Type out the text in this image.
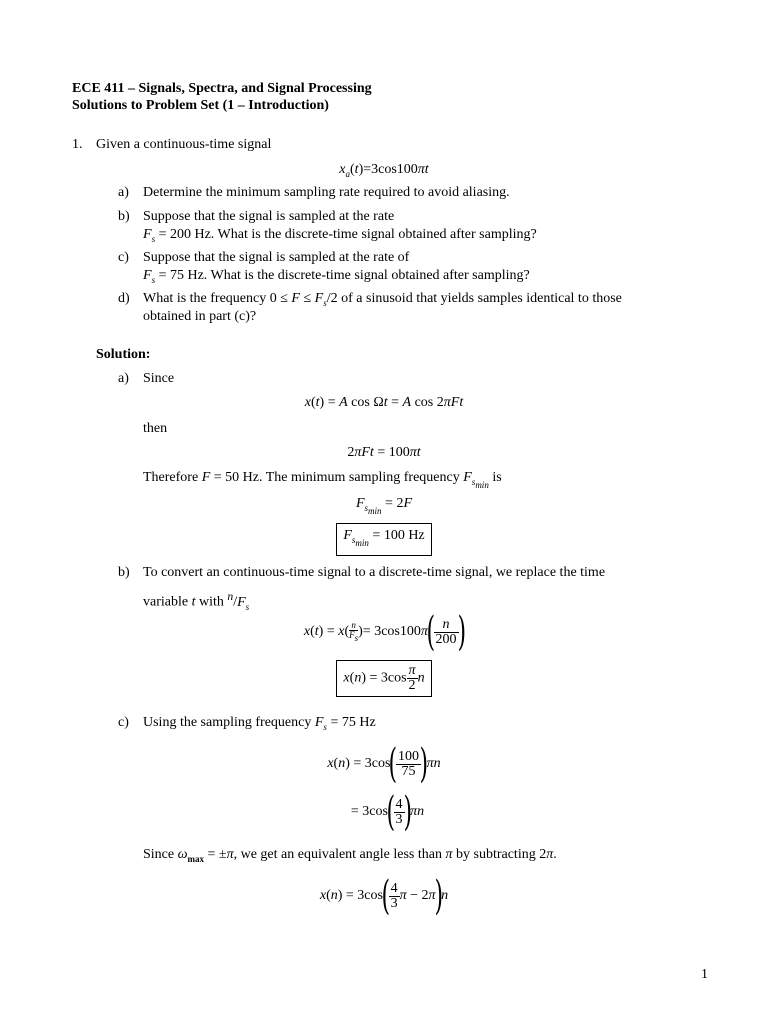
ECE 411 – Signals, Spectra, and Signal Processing
Solutions to Problem Set (1 – Introduction)
1. Given a continuous-time signal
$x_a(t)=3\cos 100\pi t$
a) Determine the minimum sampling rate required to avoid aliasing.
b) Suppose that the signal is sampled at the rate
$F_s = 200$ Hz. What is the discrete-time signal obtained after sampling?
c) Suppose that the signal is sampled at the rate of
$F_s = 75$ Hz. What is the discrete-time signal obtained after sampling?
d) What is the frequency $0 \le F \le F_s/2$ of a sinusoid that yields samples identical to those
obtained in part (c)?
Solution:
a) Since
x(t) = A cos Ωt = A cos 2πFt
then
2πFt = 100πt
Therefore F = 50 Hz. The minimum sampling frequency $F_{s_{min}}$ is
$F_{s_{min}} = 2F$
$F_{s_{min}} = 100$ Hz
b) To convert an continuous-time signal to a discrete-time signal, we replace the time
variable t with $^n/F_s$
$x(t) = x( \frac{n}{F_s}$ )= 3cos100π(
$\frac{n}{200}$
)
$x(n) = 3\cos \frac{\pi}{2}$ n
c) Using the sampling frequency $F_s = 75$ Hz
x(n) = 3cos(
$\frac{100}{75}$
)πn
= 3cos(
$\frac{4}{3}$
)πn
Since $\omega_{max} = \pm\pi$, we get an equivalent angle less than π by subtracting 2π.
x(n) = 3cos(
$\frac{4}{3}$ π − 2π)n
1
